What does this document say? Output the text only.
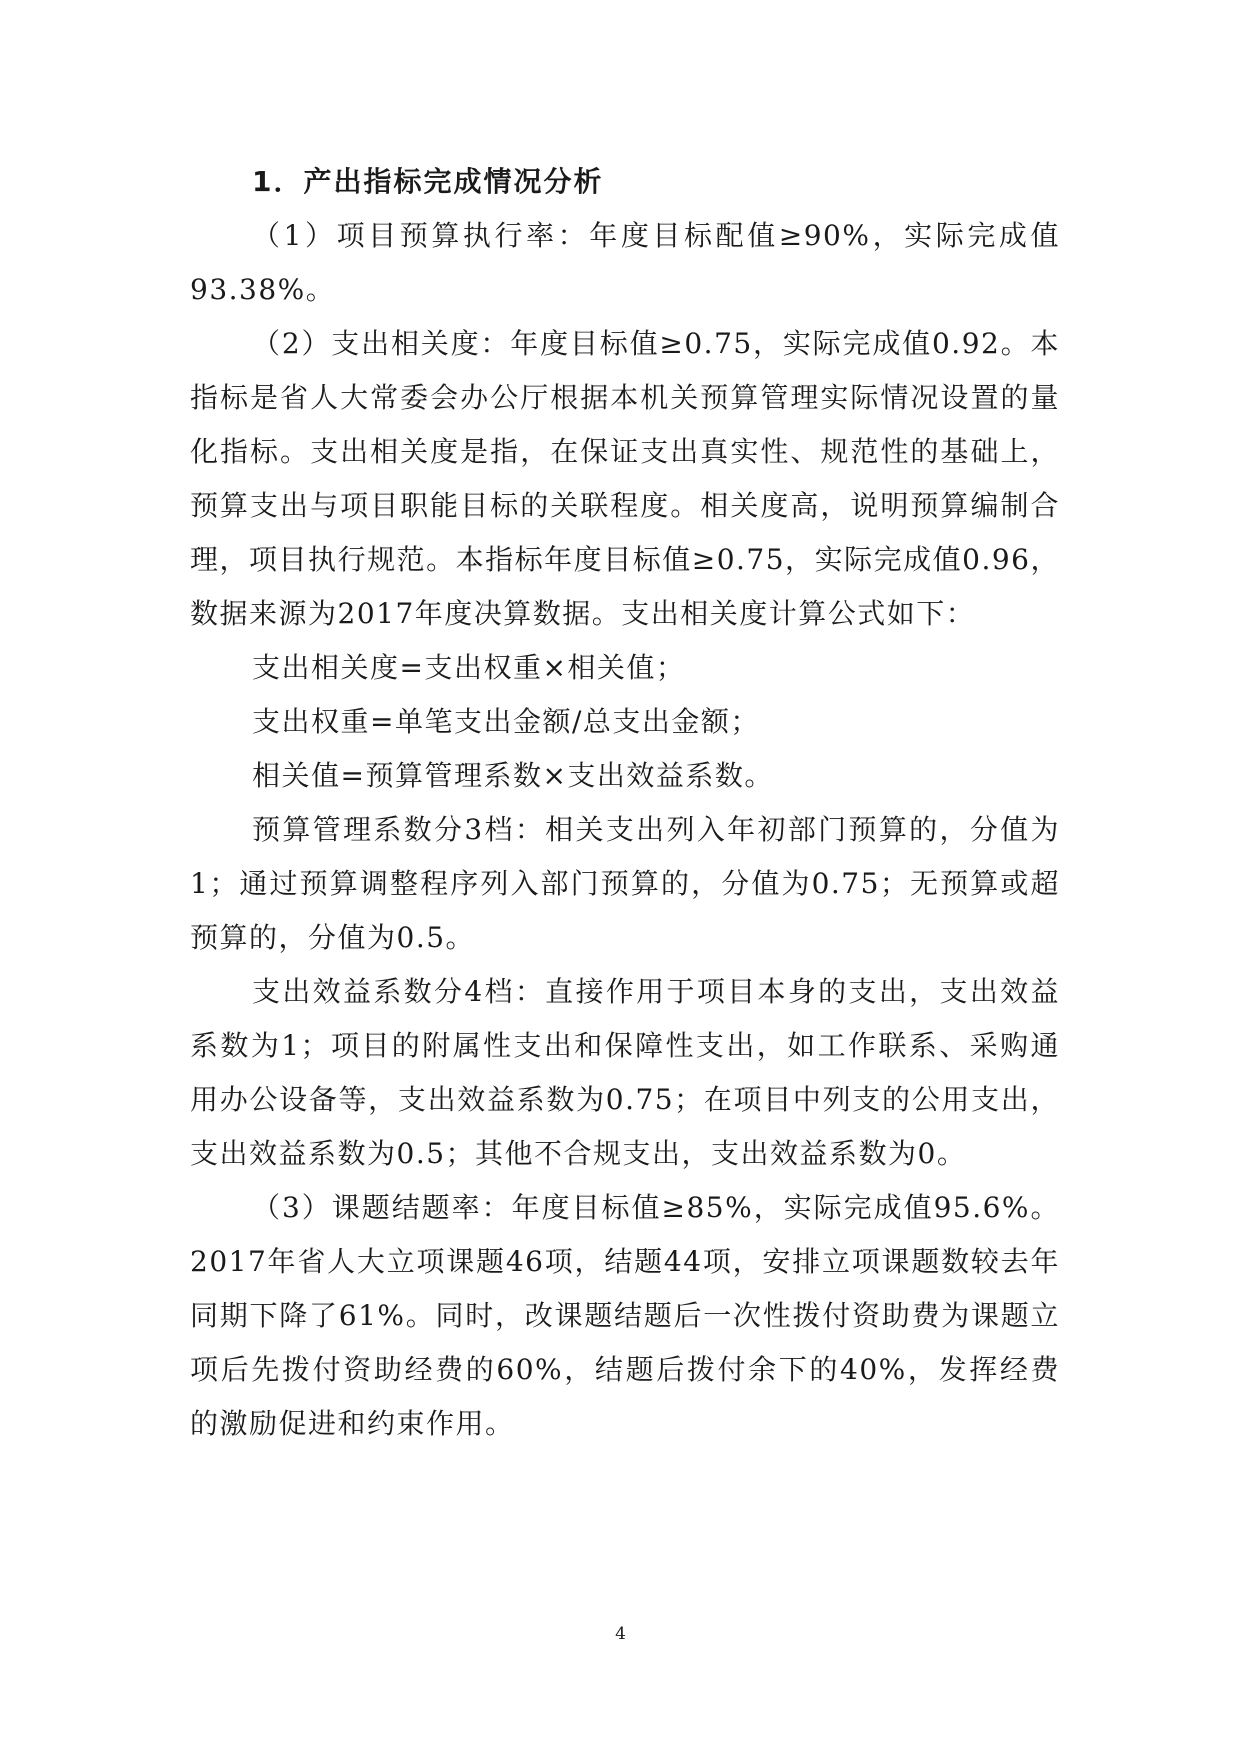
1．产出指标完成情况分析

（1）项目预算执行率：年度目标配值≥90%，实际完成值93.38%。

（2）支出相关度：年度目标值≥0.75，实际完成值0.92。本指标是省人大常委会办公厅根据本机关预算管理实际情况设置的量化指标。支出相关度是指，在保证支出真实性、规范性的基础上，预算支出与项目职能目标的关联程度。相关度高，说明预算编制合理，项目执行规范。本指标年度目标值≥0.75，实际完成值0.96，数据来源为2017年度决算数据。支出相关度计算公式如下：

支出相关度=支出权重×相关值；

支出权重=单笔支出金额/总支出金额；

相关值=预算管理系数×支出效益系数。

预算管理系数分3档：相关支出列入年初部门预算的，分值为1；通过预算调整程序列入部门预算的，分值为0.75；无预算或超预算的，分值为0.5。

支出效益系数分4档：直接作用于项目本身的支出，支出效益系数为1；项目的附属性支出和保障性支出，如工作联系、采购通用办公设备等，支出效益系数为0.75；在项目中列支的公用支出，支出效益系数为0.5；其他不合规支出，支出效益系数为0。

（3）课题结题率：年度目标值≥85%，实际完成值95.6%。2017年省人大立项课题46项，结题44项，安排立项课题数较去年同期下降了61%。同时，改课题结题后一次性拨付资助费为课题立项后先拨付资助经费的60%，结题后拨付余下的40%，发挥经费的激励促进和约束作用。

4
